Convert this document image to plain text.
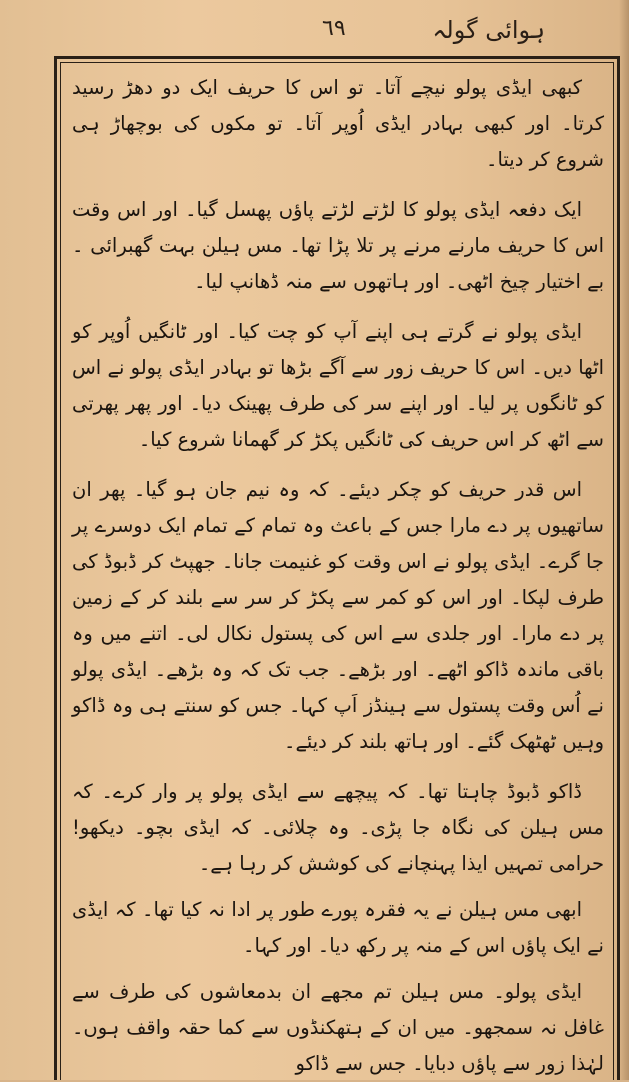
٦٩	ہوائی گولہ

کبھی ایڈی پولو نیچے آتا۔ تو اس کا حریف ایک دو دھڑ رسید کرتا۔ اور کبھی بہادر ایڈی اُوپر آتا۔ تو مکوں کی بوچھاڑ ہی شروع کر دیتا۔

ایک دفعہ ایڈی پولو کا لڑتے لڑتے پاؤں پھسل گیا۔ اور اس وقت اس کا حریف مارنے مرنے پر تلا پڑا تھا۔ مس ہیلن بہت گھبرائی ۔ بے اختیار چیخ اٹھی۔ اور ہاتھوں سے منہ ڈھانپ لیا۔

ایڈی پولو نے گرتے ہی اپنے آپ کو چت کیا۔ اور ٹانگیں اُوپر کو اٹھا دیں۔ اس کا حریف زور سے آگے بڑھا تو بہادر ایڈی پولو نے اس کو ٹانگوں پر لیا۔ اور اپنے سر کی طرف پھینک دیا۔ اور پھر پھرتی سے اٹھ کر اس حریف کی ٹانگیں پکڑ کر گھمانا شروع کیا۔

اس قدر حریف کو چکر دیئے۔ کہ وہ نیم جان ہو گیا۔ پھر ان ساتھیوں پر دے مارا جس کے باعث وہ تمام کے تمام ایک دوسرے پر جا گرے۔ ایڈی پولو نے اس وقت کو غنیمت جانا۔ جھپٹ کر ڈبوڈ کی طرف لپکا۔ اور اس کو کمر سے پکڑ کر سر سے بلند کر کے زمین پر دے مارا۔ اور جلدی سے اس کی پستول نکال لی۔ اتنے میں وہ باقی ماندہ ڈاکو اٹھے۔ اور بڑھے۔ جب تک کہ وہ بڑھے۔ ایڈی پولو نے اُس وقت پستول سے ہینڈز اَپ کہا۔ جس کو سنتے ہی وہ ڈاکو وہیں ٹھٹھک گئے۔ اور ہاتھ بلند کر دیئے۔

ڈاکو ڈبوڈ چاہتا تھا۔ کہ پیچھے سے ایڈی پولو پر وار کرے۔ کہ مس ہیلن کی نگاہ جا پڑی۔ وہ چلائی۔ کہ ایڈی بچو۔ دیکھو! حرامی تمہیں ایذا پہنچانے کی کوشش کر رہا ہے۔

ابھی مس ہیلن نے یہ فقرہ پورے طور پر ادا نہ کیا تھا۔ کہ ایڈی نے ایک پاؤں اس کے منہ پر رکھ دیا۔ اور کہا۔

ایڈی پولو۔ مس ہیلن تم مجھے ان بدمعاشوں کی طرف سے غافل نہ سمجھو۔ میں ان کے ہتھکنڈوں سے کما حقہ واقف ہوں۔ لہٰذا زور سے پاؤں دبایا۔ جس سے ڈاکو
